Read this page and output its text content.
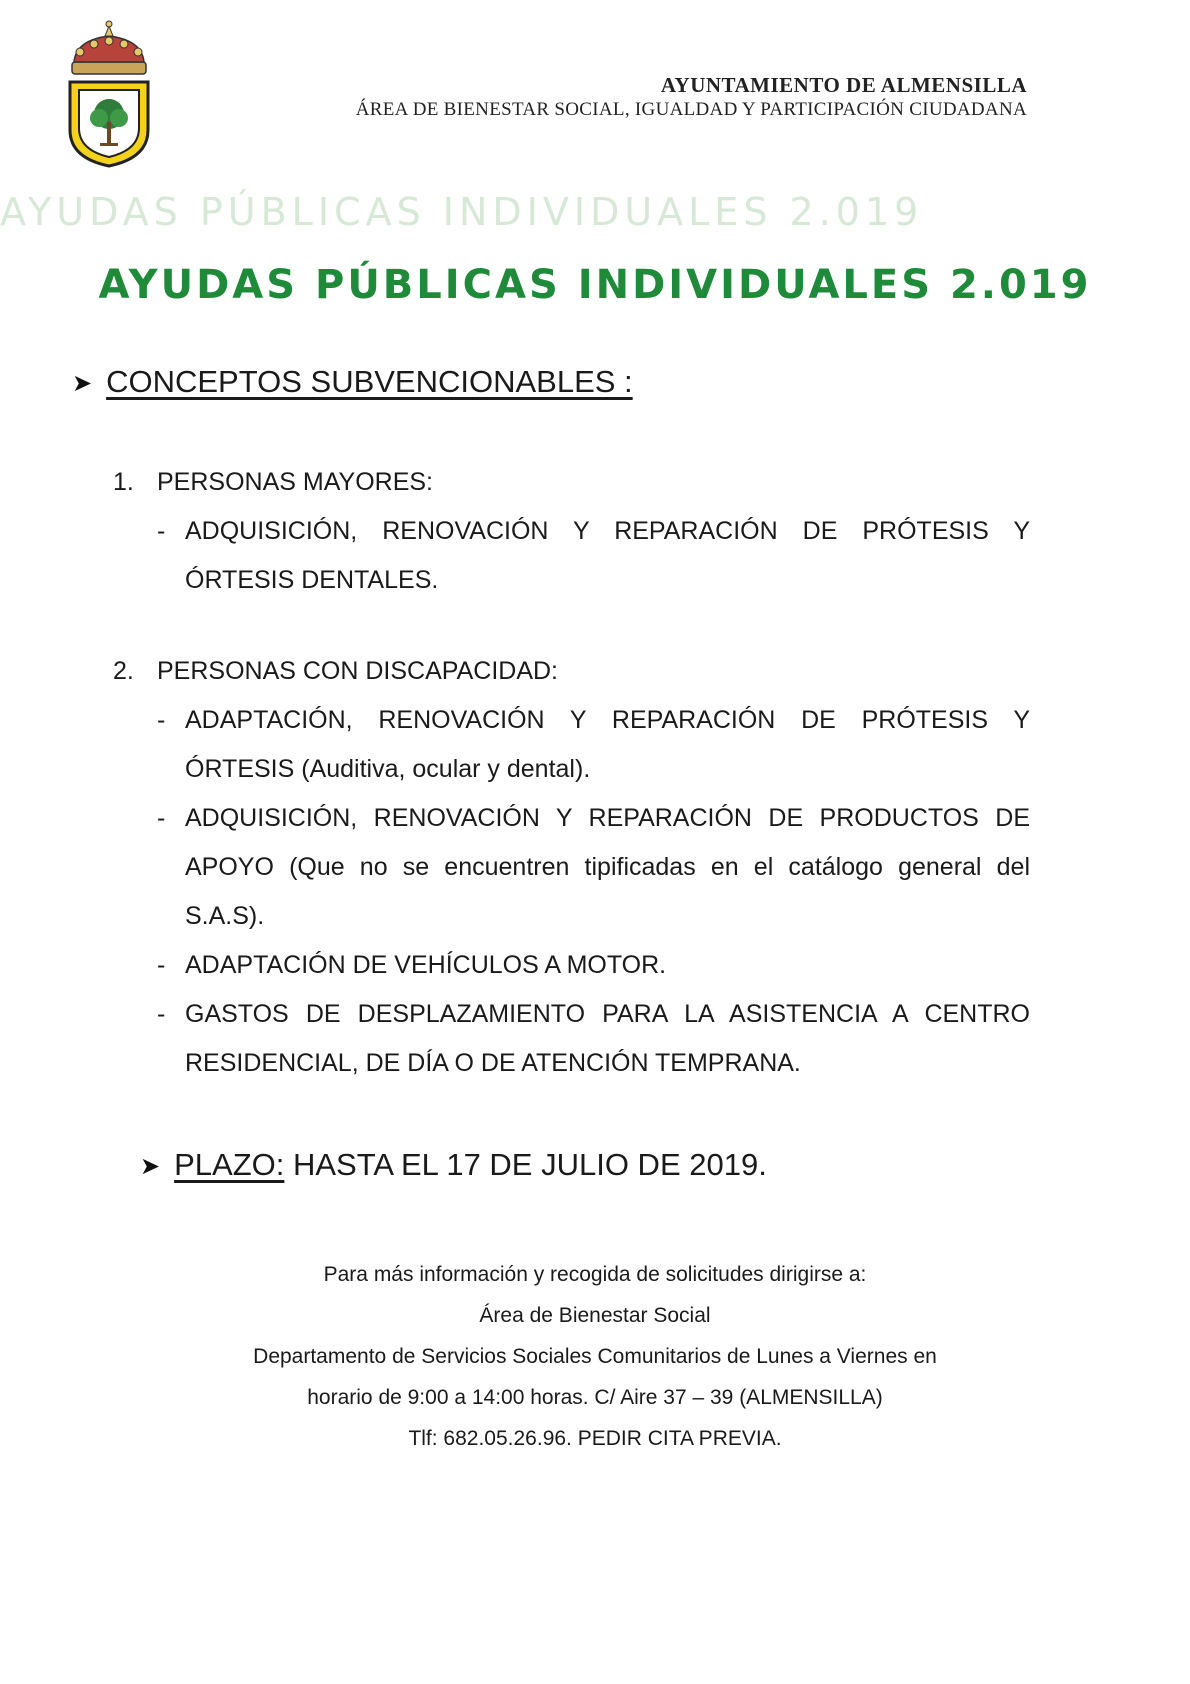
AYUNTAMIENTO DE ALMENSILLA
ÁREA DE BIENESTAR SOCIAL, IGUALDAD Y PARTICIPACIÓN CIUDADANA
AYUDAS PÚBLICAS INDIVIDUALES 2.019
AYUDAS PÚBLICAS INDIVIDUALES 2.019
➤ CONCEPTOS SUBVENCIONABLES :
1. PERSONAS MAYORES:
- ADQUISICIÓN, RENOVACIÓN Y REPARACIÓN DE PRÓTESIS Y ÓRTESIS DENTALES.
2. PERSONAS CON DISCAPACIDAD:
- ADAPTACIÓN, RENOVACIÓN Y REPARACIÓN DE PRÓTESIS Y ÓRTESIS (Auditiva, ocular y dental).
- ADQUISICIÓN, RENOVACIÓN Y REPARACIÓN DE PRODUCTOS DE APOYO (Que no se encuentren tipificadas en el catálogo general del S.A.S).
- ADAPTACIÓN DE VEHÍCULOS A MOTOR.
- GASTOS DE DESPLAZAMIENTO PARA LA ASISTENCIA A CENTRO RESIDENCIAL, DE DÍA O DE ATENCIÓN TEMPRANA.
➤ PLAZO: HASTA EL 17 DE JULIO DE 2019.
Para más información y recogida de solicitudes dirigirse a:
Área de Bienestar Social
Departamento de Servicios Sociales Comunitarios de Lunes a Viernes en
horario de 9:00 a 14:00 horas. C/ Aire 37 – 39 (ALMENSILLA)
Tlf: 682.05.26.96. PEDIR CITA PREVIA.
